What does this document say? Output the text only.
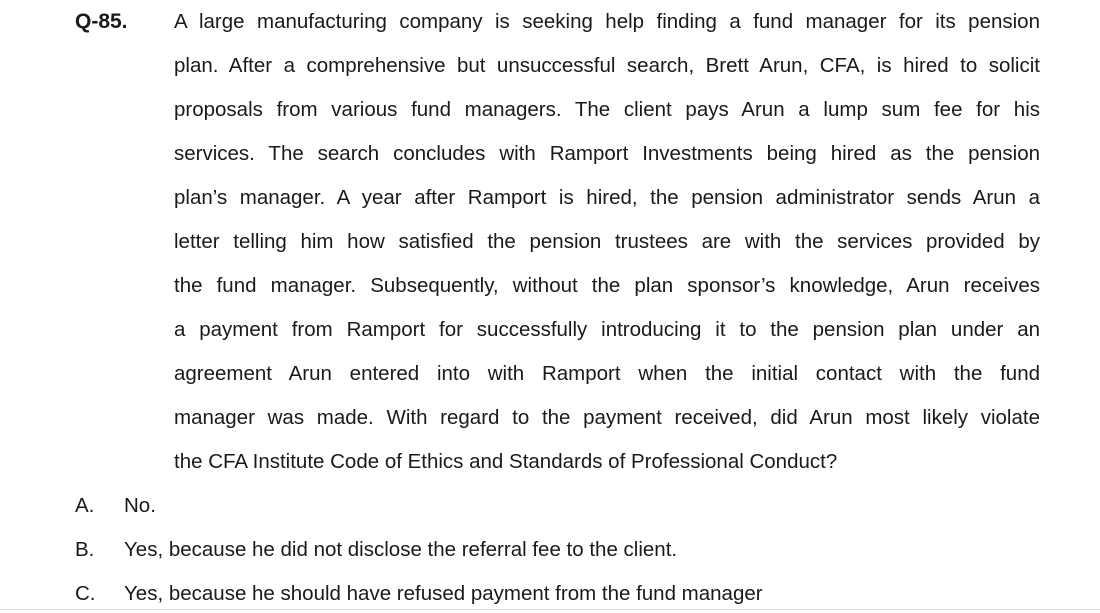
Q-85. A large manufacturing company is seeking help finding a fund manager for its pension
plan. After a comprehensive but unsuccessful search, Brett Arun, CFA, is hired to solicit
proposals from various fund managers. The client pays Arun a lump sum fee for his
services. The search concludes with Ramport Investments being hired as the pension
plan’s manager. A year after Ramport is hired, the pension administrator sends Arun a
letter telling him how satisfied the pension trustees are with the services provided by
the fund manager. Subsequently, without the plan sponsor’s knowledge, Arun receives
a payment from Ramport for successfully introducing it to the pension plan under an
agreement Arun entered into with Ramport when the initial contact with the fund
manager was made. With regard to the payment received, did Arun most likely violate
the CFA Institute Code of Ethics and Standards of Professional Conduct?
A. No.
B. Yes, because he did not disclose the referral fee to the client.
C. Yes, because he should have refused payment from the fund manager
